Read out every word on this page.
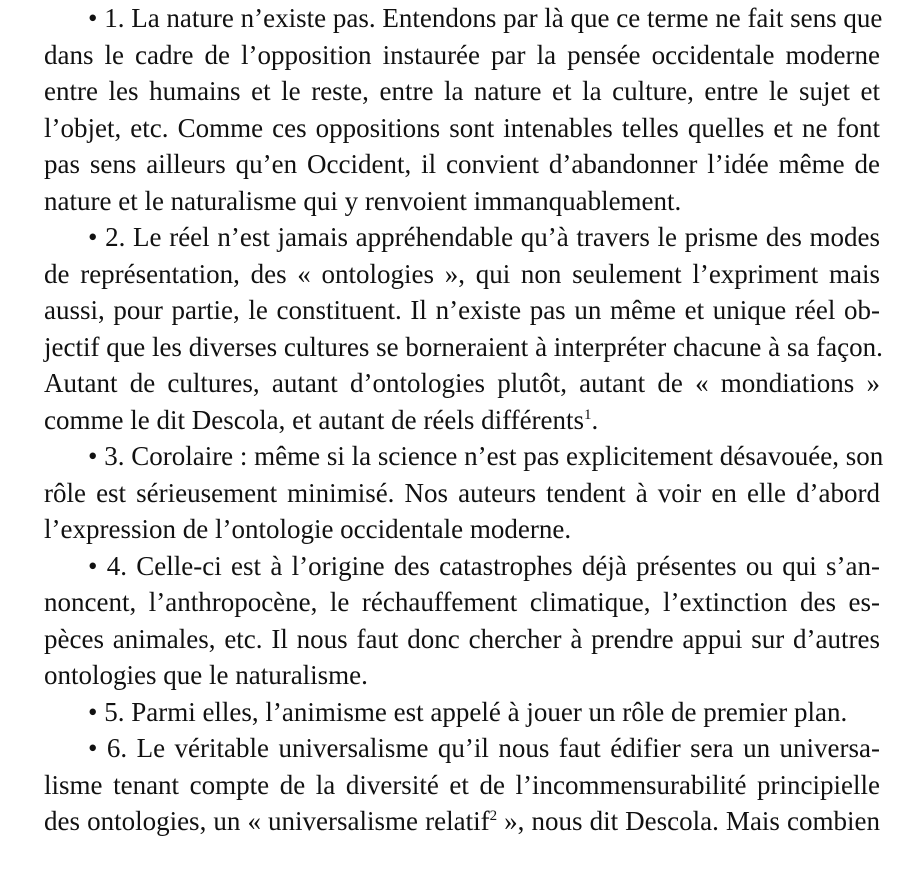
• 1. La nature n’existe pas. Entendons par là que ce terme ne fait sens que
dans le cadre de l’opposition instaurée par la pensée occidentale moderne
entre les humains et le reste, entre la nature et la culture, entre le sujet et
l’objet, etc. Comme ces oppositions sont intenables telles quelles et ne font
pas sens ailleurs qu’en Occident, il convient d’abandonner l’idée même de
nature et le naturalisme qui y renvoient immanquablement.
• 2. Le réel n’est jamais appréhendable qu’à travers le prisme des modes
de représentation, des « ontologies », qui non seulement l’expriment mais
aussi, pour partie, le constituent. Il n’existe pas un même et unique réel ob-
jectif que les diverses cultures se borneraient à interpréter chacune à sa façon.
Autant de cultures, autant d’ontologies plutôt, autant de « mondiations »
comme le dit Descola, et autant de réels différents$^1$.
• 3. Corolaire : même si la science n’est pas explicitement désavouée, son
rôle est sérieusement minimisé. Nos auteurs tendent à voir en elle d’abord
l’expression de l’ontologie occidentale moderne.
• 4. Celle-ci est à l’origine des catastrophes déjà présentes ou qui s’an-
noncent, l’anthropocène, le réchauffement climatique, l’extinction des es-
pèces animales, etc. Il nous faut donc chercher à prendre appui sur d’autres
ontologies que le naturalisme.
• 5. Parmi elles, l’animisme est appelé à jouer un rôle de premier plan.
• 6. Le véritable universalisme qu’il nous faut édifier sera un universa-
lisme tenant compte de la diversité et de l’incommensurabilité principielle
des ontologies, un « universalisme relatif$^2$ », nous dit Descola. Mais combien
